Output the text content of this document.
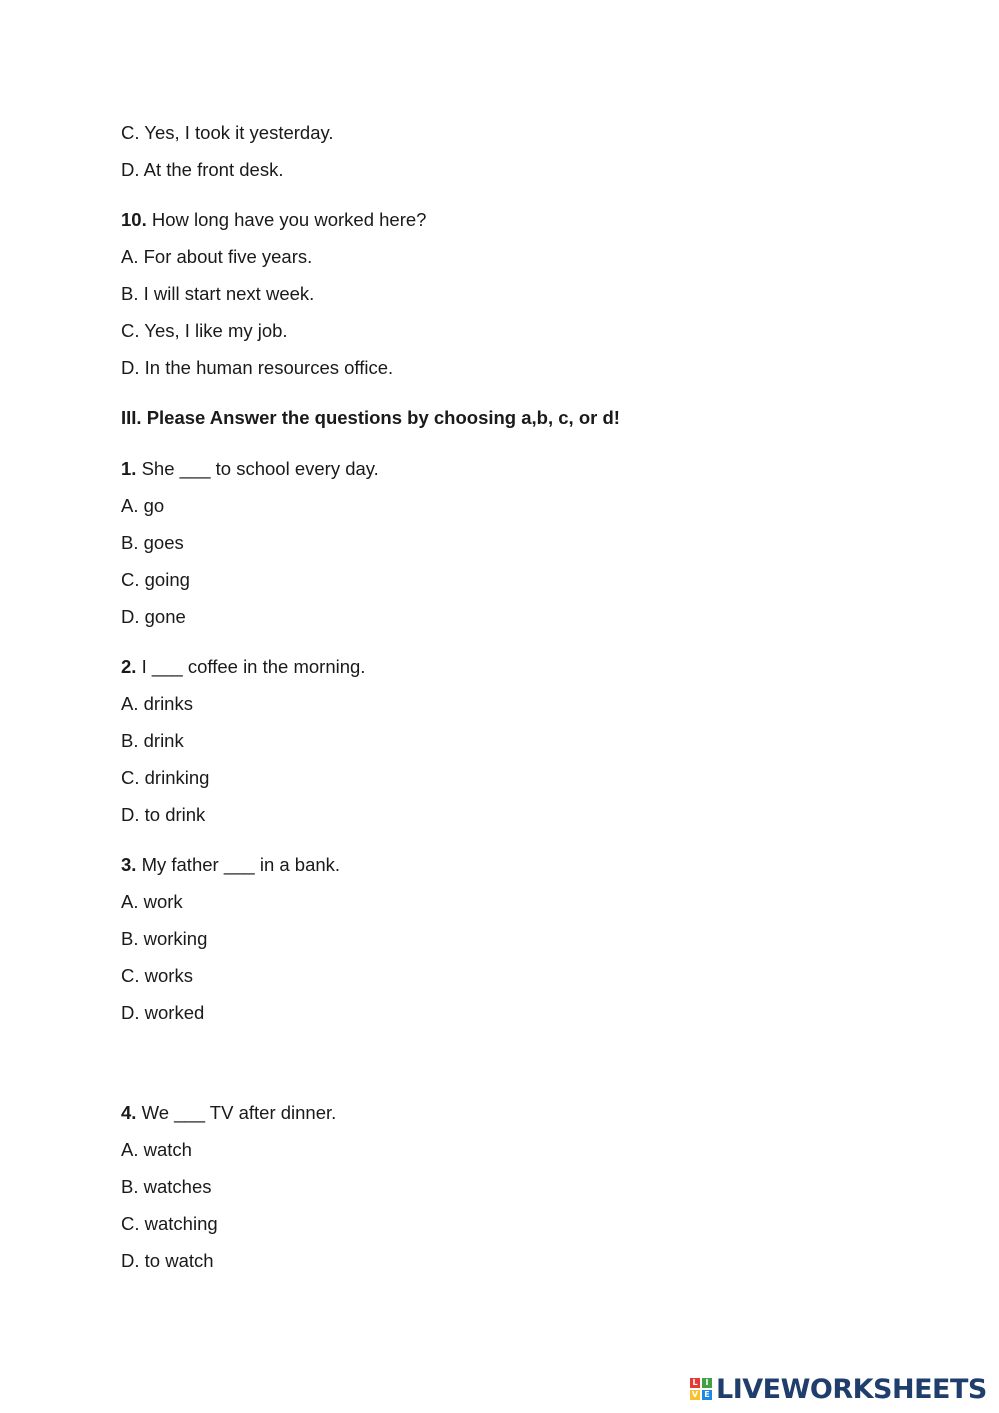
C. Yes, I took it yesterday.
D. At the front desk.
10. How long have you worked here?
A. For about five years.
B. I will start next week.
C. Yes, I like my job.
D. In the human resources office.
III. Please Answer the questions by choosing a,b, c, or d!
1. She ___ to school every day.
A. go
B. goes
C. going
D. gone
2. I ___ coffee in the morning.
A. drinks
B. drink
C. drinking
D. to drink
3. My father ___ in a bank.
A. work
B. working
C. works
D. worked
4. We ___ TV after dinner.
A. watch
B. watches
C. watching
D. to watch
L I
V E LIVEWORKSHEETS
